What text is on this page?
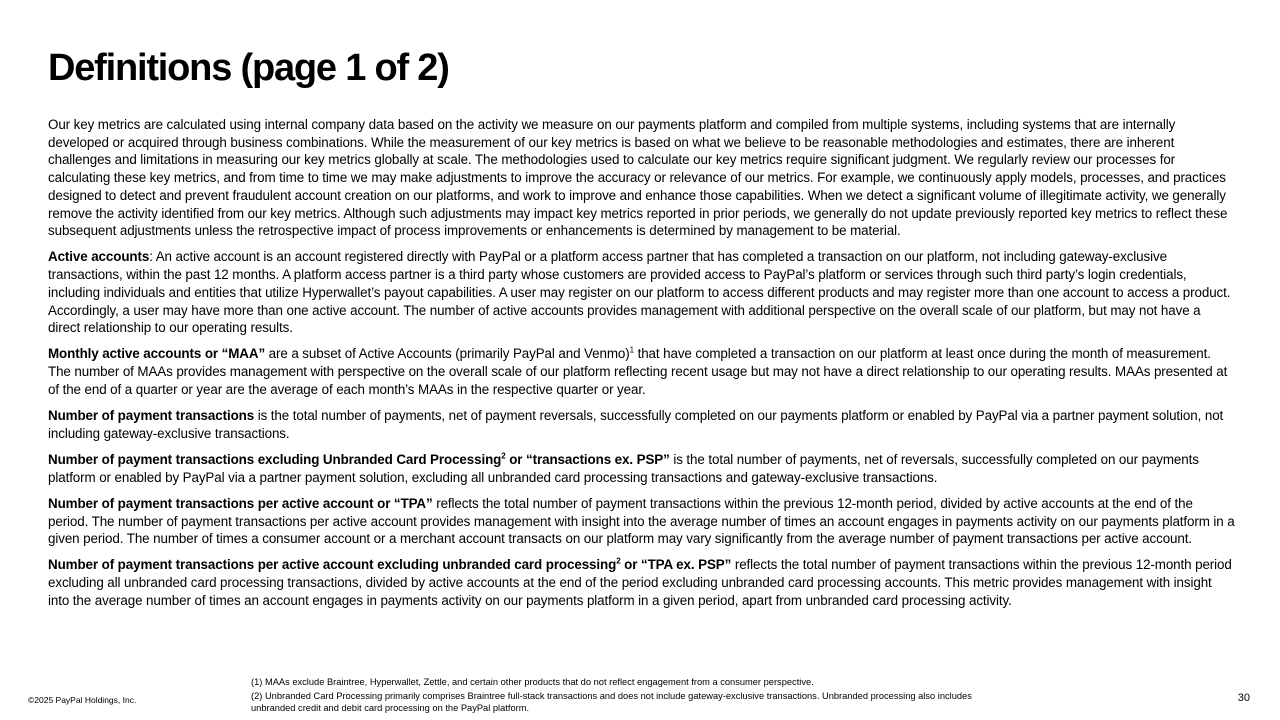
Definitions (page 1 of 2)

Our key metrics are calculated using internal company data based on the activity we measure on our payments platform and compiled from multiple systems, including systems that are internally developed or acquired through business combinations. While the measurement of our key metrics is based on what we believe to be reasonable methodologies and estimates, there are inherent challenges and limitations in measuring our key metrics globally at scale. The methodologies used to calculate our key metrics require significant judgment. We regularly review our processes for calculating these key metrics, and from time to time we may make adjustments to improve the accuracy or relevance of our metrics. For example, we continuously apply models, processes, and practices designed to detect and prevent fraudulent account creation on our platforms, and work to improve and enhance those capabilities. When we detect a significant volume of illegitimate activity, we generally remove the activity identified from our key metrics. Although such adjustments may impact key metrics reported in prior periods, we generally do not update previously reported key metrics to reflect these subsequent adjustments unless the retrospective impact of process improvements or enhancements is determined by management to be material.

Active accounts: An active account is an account registered directly with PayPal or a platform access partner that has completed a transaction on our platform, not including gateway-exclusive transactions, within the past 12 months. A platform access partner is a third party whose customers are provided access to PayPal’s platform or services through such third party’s login credentials, including individuals and entities that utilize Hyperwallet’s payout capabilities. A user may register on our platform to access different products and may register more than one account to access a product. Accordingly, a user may have more than one active account. The number of active accounts provides management with additional perspective on the overall scale of our platform, but may not have a direct relationship to our operating results.

Monthly active accounts or “MAA” are a subset of Active Accounts (primarily PayPal and Venmo)$^1$ that have completed a transaction on our platform at least once during the month of measurement. The number of MAAs provides management with perspective on the overall scale of our platform reflecting recent usage but may not have a direct relationship to our operating results. MAAs presented at of the end of a quarter or year are the average of each month’s MAAs in the respective quarter or year.

Number of payment transactions is the total number of payments, net of payment reversals, successfully completed on our payments platform or enabled by PayPal via a partner payment solution, not including gateway-exclusive transactions.

Number of payment transactions excluding Unbranded Card Processing$^2$ or “transactions ex. PSP” is the total number of payments, net of reversals, successfully completed on our payments platform or enabled by PayPal via a partner payment solution, excluding all unbranded card processing transactions and gateway-exclusive transactions.

Number of payment transactions per active account or “TPA” reflects the total number of payment transactions within the previous 12-month period, divided by active accounts at the end of the period. The number of payment transactions per active account provides management with insight into the average number of times an account engages in payments activity on our payments platform in a given period. The number of times a consumer account or a merchant account transacts on our platform may vary significantly from the average number of payment transactions per active account.

Number of payment transactions per active account excluding unbranded card processing$^2$ or “TPA ex. PSP” reflects the total number of payment transactions within the previous 12-month period excluding all unbranded card processing transactions, divided by active accounts at the end of the period excluding unbranded card processing accounts. This metric provides management with insight into the average number of times an account engages in payments activity on our payments platform in a given period, apart from unbranded card processing activity.

(1) MAAs exclude Braintree, Hyperwallet, Zettle, and certain other products that do not reflect engagement from a consumer perspective.

(2) Unbranded Card Processing primarily comprises Braintree full-stack transactions and does not include gateway-exclusive transactions. Unbranded processing also includes unbranded credit and debit card processing on the PayPal platform.

©2025 PayPal Holdings, Inc.	30
